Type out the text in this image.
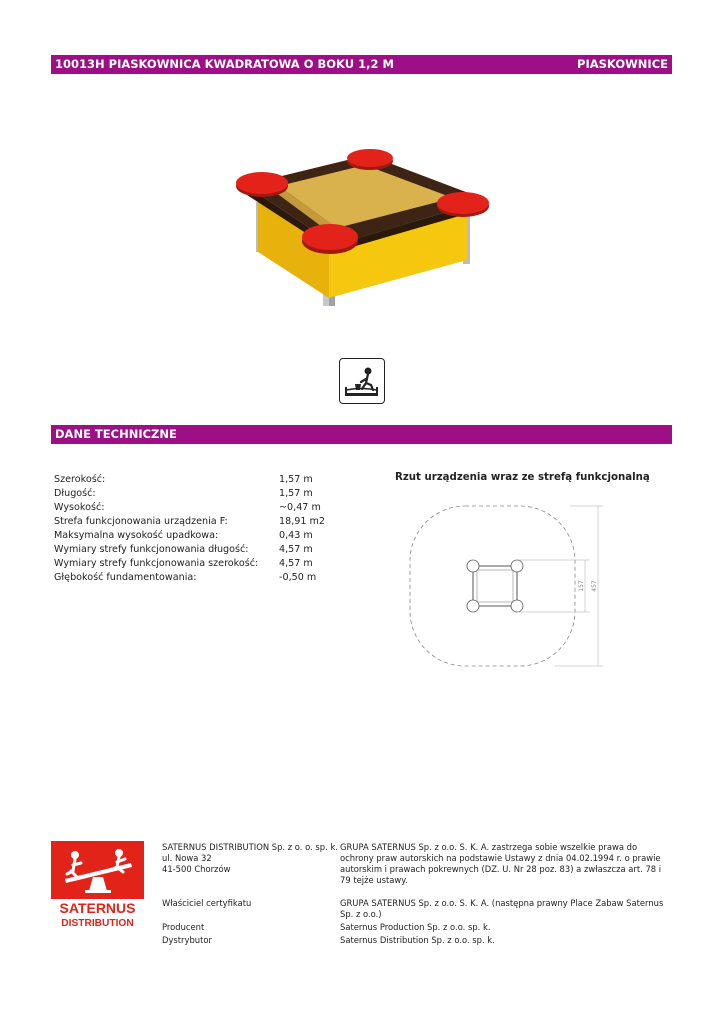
10013H PIASKOWNICA KWADRATOWA O BOKU 1,2 M	PIASKOWNICE
DANE TECHNICZNE
Szerokość:	1,57 m
Długość:	1,57 m
Wysokość:	~0,47 m
Strefa funkcjonowania urządzenia F:	18,91 m2
Maksymalna wysokość upadkowa:	0,43 m
Wymiary strefy funkcjonowania długość:	4,57 m
Wymiary strefy funkcjonowania szerokość: 4,57 m
Głębokość fundamentowania:	-0,50 m
Rzut urządzenia wraz ze strefą funkcjonalną
157 457
SATERNUS
DISTRIBUTION
SATERNUS DISTRIBUTION Sp. z o. o. sp. k.
ul. Nowa 32
41-500 Chorzów
GRUPA SATERNUS Sp. z o.o. S. K. A. zastrzega sobie wszelkie prawa do ochrony praw autorskich na podstawie Ustawy z dnia 04.02.1994 r. o prawie autorskim i prawach pokrewnych (DZ. U. Nr 28 poz. 83) a zwłaszcza art. 78 i 79 tejże ustawy.
Właściciel certyfikatu	GRUPA SATERNUS Sp. z o.o. S. K. A. (następna prawny Place Zabaw Saternus Sp. z o.o.)
Producent	Saternus Production Sp. z o.o. sp. k.
Dystrybutor	Saternus Distribution Sp. z o.o. sp. k.
